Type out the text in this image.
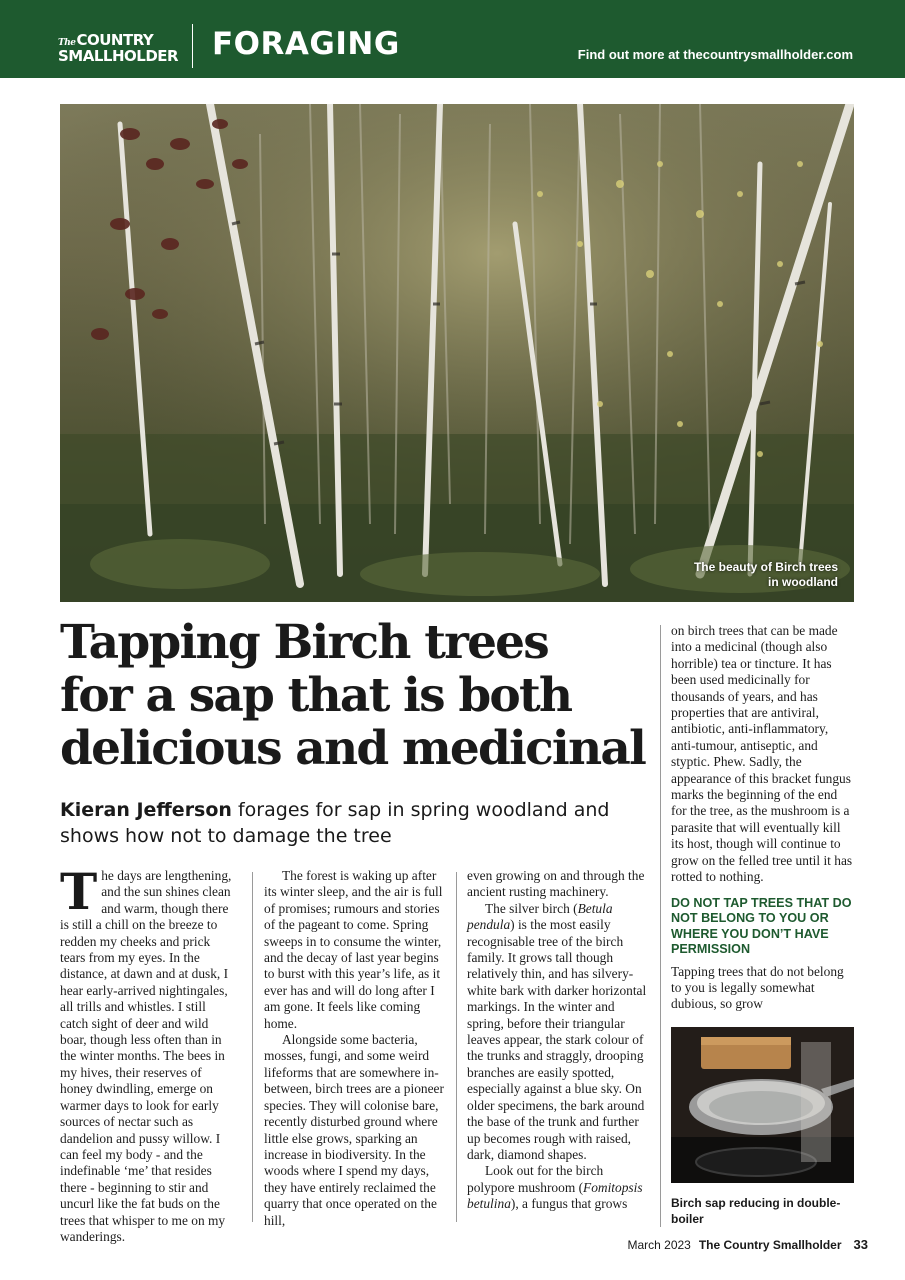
TheCOUNTRY
SMALLHOLDER FORAGING	Find out more at thecountrysmallholder.com
The beauty of Birch trees
in woodland
Tapping Birch trees
for a sap that is both
delicious and medicinal
Kieran Jefferson forages for sap in spring woodland and shows how not to damage the tree

The days are lengthening, and the sun shines clean and warm, though there is still a chill on the breeze to redden my cheeks and prick tears from my eyes. In the distance, at dawn and at dusk, I hear early-arrived nightingales, all trills and whistles. I still catch sight of deer and wild boar, though less often than in the winter months. The bees in my hives, their reserves of honey dwindling, emerge on warmer days to look for early sources of nectar such as dandelion and pussy willow. I can feel my body - and the indefinable ‘me’ that resides there - beginning to stir and uncurl like the fat buds on the trees that whisper to me on my wanderings.

The forest is waking up after its winter sleep, and the air is full of promises; rumours and stories of the pageant to come. Spring sweeps in to consume the winter, and the decay of last year begins to burst with this year’s life, as it ever has and will do long after I am gone. It feels like coming home.

Alongside some bacteria, mosses, fungi, and some weird lifeforms that are somewhere in-between, birch trees are a pioneer species. They will colonise bare, recently disturbed ground where little else grows, sparking an increase in biodiversity. In the woods where I spend my days, they have entirely reclaimed the quarry that once operated on the hill,

even growing on and through the ancient rusting machinery.

The silver birch (Betula pendula) is the most easily recognisable tree of the birch family. It grows tall though relatively thin, and has silvery-white bark with darker horizontal markings. In the winter and spring, before their triangular leaves appear, the stark colour of the trunks and straggly, drooping branches are easily spotted, especially against a blue sky. On older specimens, the bark around the base of the trunk and further up becomes rough with raised, dark, diamond shapes.

Look out for the birch polypore mushroom (Fomitopsis betulina), a fungus that grows

on birch trees that can be made into a medicinal (though also horrible) tea or tincture. It has been used medicinally for thousands of years, and has properties that are antiviral, antibiotic, anti-inflammatory, anti-tumour, antiseptic, and styptic. Phew. Sadly, the appearance of this bracket fungus marks the beginning of the end for the tree, as the mushroom is a parasite that will eventually kill its host, though will continue to grow on the felled tree until it has rotted to nothing.

DO NOT TAP TREES THAT DO NOT BELONG TO YOU OR WHERE YOU DON’T HAVE PERMISSION

Tapping trees that do not belong to you is legally somewhat dubious, so grow

Birch sap reducing in double-boiler
March 2023 The Country Smallholder 33
